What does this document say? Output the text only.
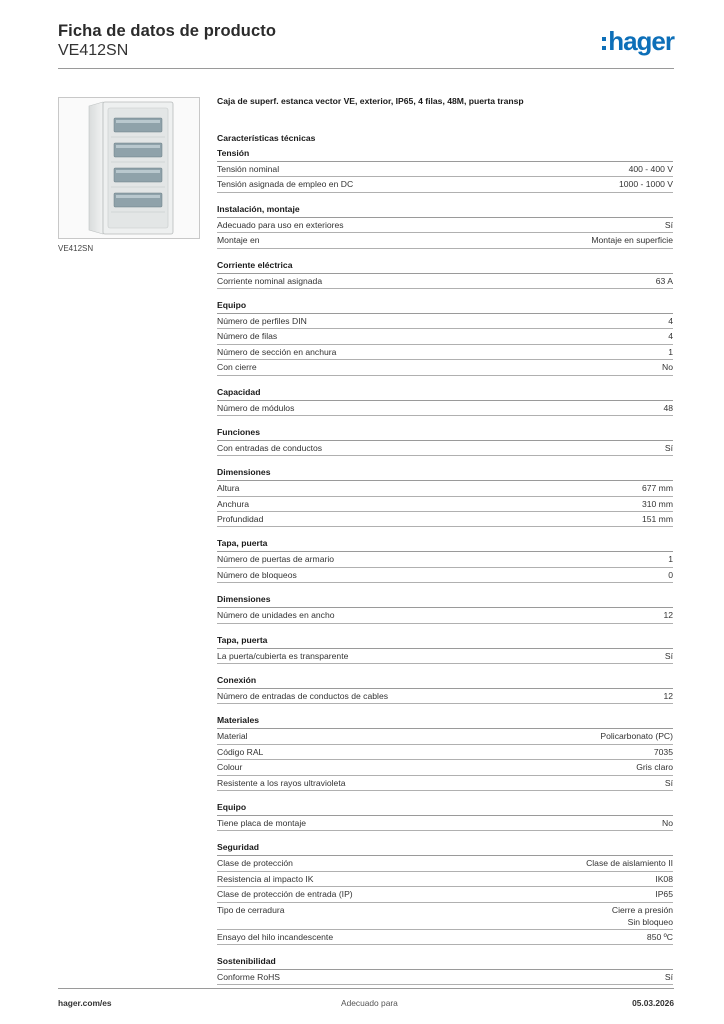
Ficha de datos de producto
VE412SN	hager
VE412SN
Caja de superf. estanca vector VE, exterior, IP65, 4 filas, 48M, puerta transp
Características técnicas
Tensión
Tensión nominal	400 - 400 V
Tensión asignada de empleo en DC	1000 - 1000 V
Instalación, montaje
Adecuado para uso en exteriores	Sí
Montaje en	Montaje en superficie
Corriente eléctrica
Corriente nominal asignada	63 A
Equipo
Número de perfiles DIN	4
Número de filas	4
Número de sección en anchura	1
Con cierre	No
Capacidad
Número de módulos	48
Funciones
Con entradas de conductos	Sí
Dimensiones
Altura	677 mm
Anchura	310 mm
Profundidad	151 mm
Tapa, puerta
Número de puertas de armario	1
Número de bloqueos	0
Dimensiones
Número de unidades en ancho	12
Tapa, puerta
La puerta/cubierta es transparente	Sí
Conexión
Número de entradas de conductos de cables	12
Materiales
Material	Policarbonato (PC)
Código RAL	7035
Colour	Gris claro
Resistente a los rayos ultravioleta	Sí
Equipo
Tiene placa de montaje	No
Seguridad
Clase de protección	Clase de aislamiento II
Resistencia al impacto IK	IK08
Clase de protección de entrada (IP)	IP65
Tipo de cerradura	Cierre a presión
Sin bloqueo
Ensayo del hilo incandescente	850 ºC
Sostenibilidad
Conforme RoHS	Sí
hager.com/es	Adecuado para	05.03.2026
